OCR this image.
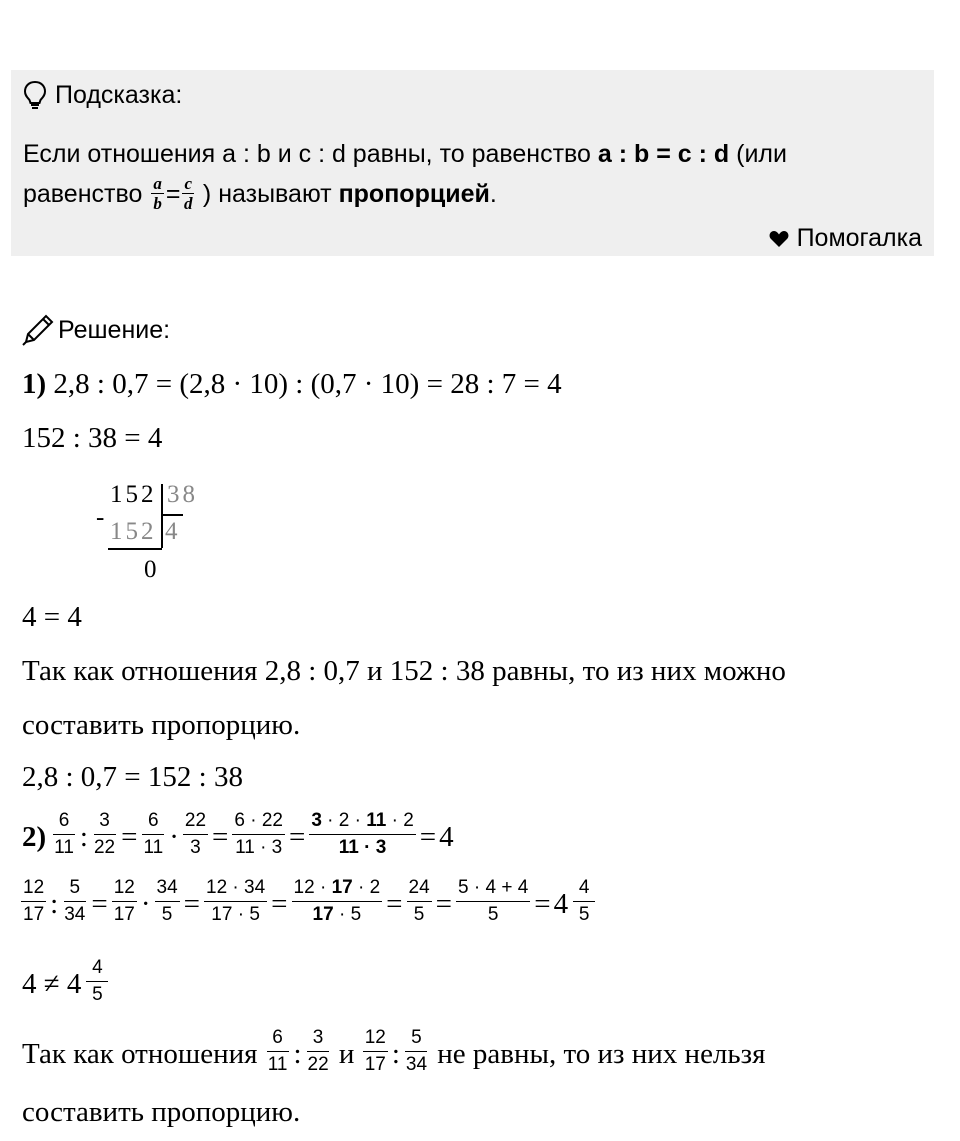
Подсказка:
Если отношения a : b и c : d равны, то равенство a : b = c : d (или
равенство $\frac{a}{b} = \frac{c}{d}$ ) называют пропорцией.
Помогалка
Решение:
1) 2,8 : 0,7 = (2,8 · 10) : (0,7 · 10) = 28 : 7 = 4
152 : 38 = 4
152 38
-
152 4
0
4 = 4
Так как отношения 2,8 : 0,7 и 152 : 38 равны, то из них можно
составить пропорцию.
2,8 : 0,7 = 152 : 38
$2) \frac{6}{11}$ : $\frac{3}{22} = \frac{6}{11} \cdot \frac{22}{3} = \frac{6 \cdot 22}{11 \cdot 3} = \frac{3 \cdot 2 \cdot 11 \cdot 2}{11 \cdot 3} = 4$
$\frac{12}{17}$ : $\frac{5}{34} = \frac{12}{17} \cdot \frac{34}{5} = \frac{12 \cdot 34}{17 \cdot 5} = \frac{12 \cdot 17 \cdot 2}{17 \cdot 5} = \frac{24}{5} = \frac{5 \cdot 4 + 4}{5} = 4 \frac{4}{5}$
$4 \ne 4 \frac{4}{5}$
Так как отношения $\frac{6}{11}$ : $\frac{3}{22}$ и $\frac{12}{17}$ : $\frac{5}{34}$ не равны, то из них нельзя
составить пропорцию.
